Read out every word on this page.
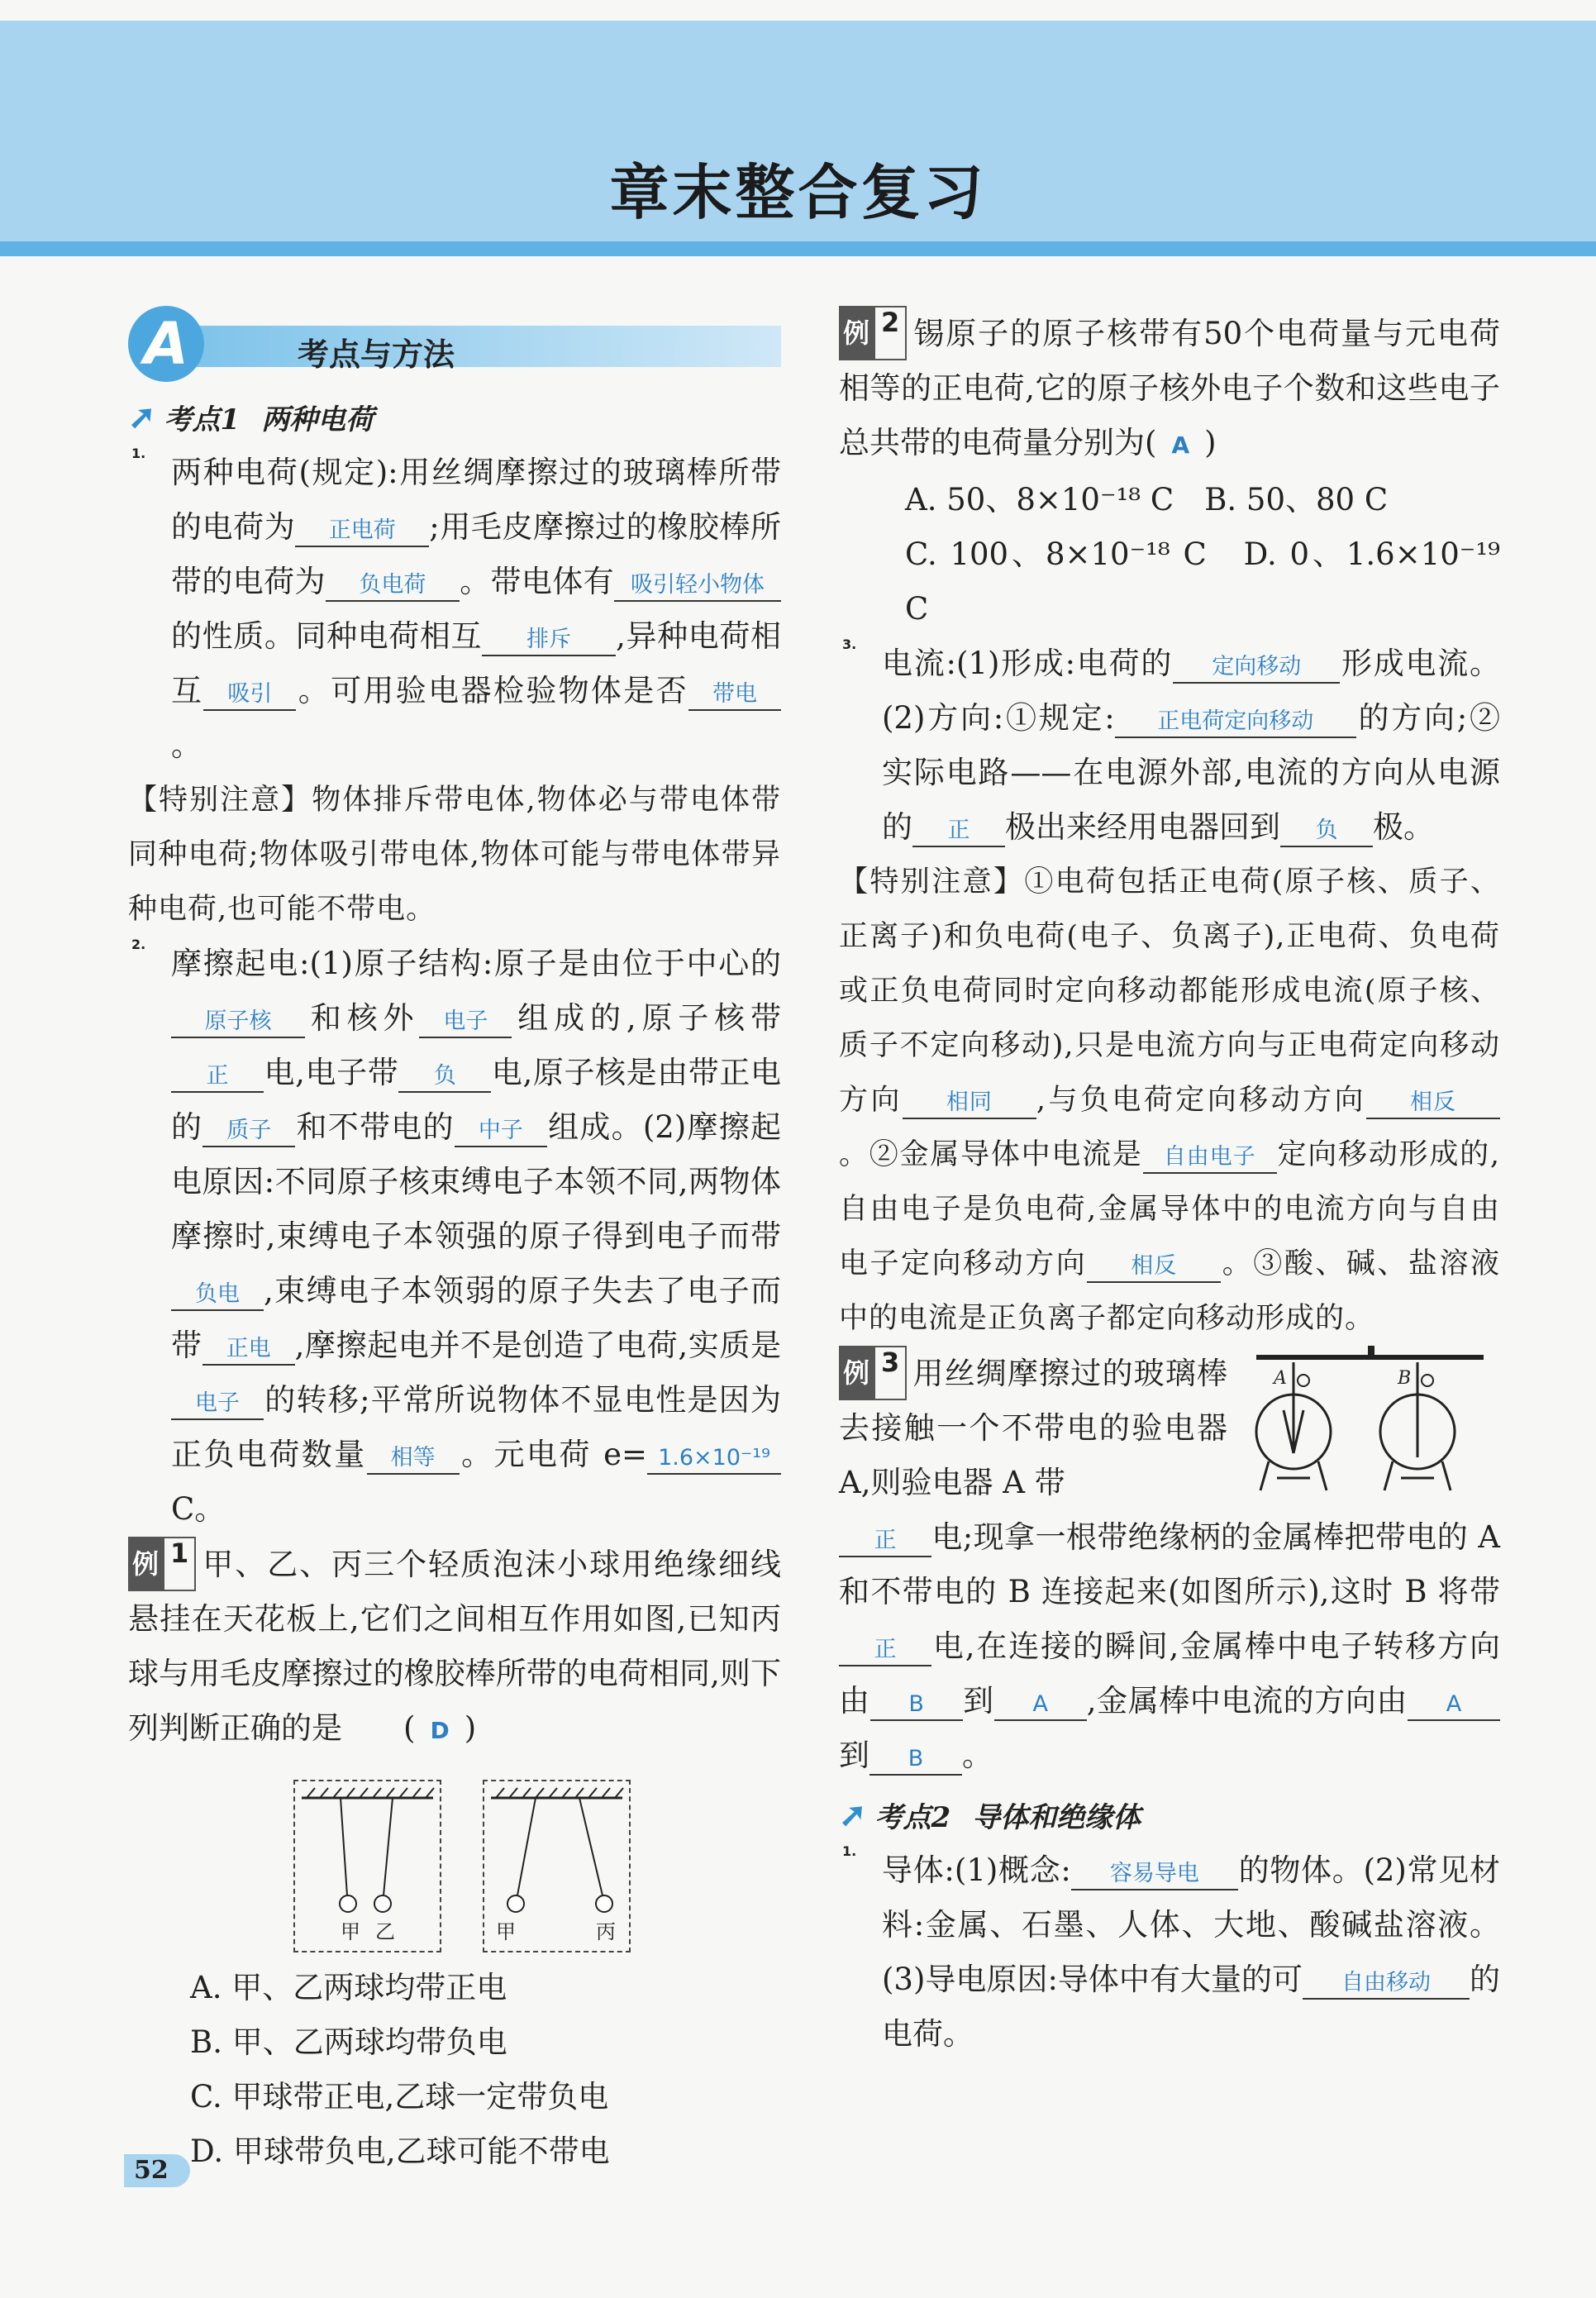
章末整合复习
A	考点与方法
➚ 考点1 两种电荷
1.

两种电荷(规定):用丝绸摩擦过的玻璃棒所带的电荷为 正电荷 ;用毛皮摩擦过的橡胶棒所带的电荷为 负电荷 。带电体有 吸引轻小物体的性质。同种电荷相互 排斥 ,异种电荷相互 吸引 。可用验电器检验物体是否 带电。

【特别注意】物体排斥带电体,物体必与带电体带同种电荷;物体吸引带电体,物体可能与带电体带异种电荷,也可能不带电。

2.

摩擦起电:(1)原子结构:原子是由位于中心的原子核 和核外 电子 组成的,原子核带正 电,电子带 负 电,原子核是由带正电的 质子 和不带电的 中子 组成。(2)摩擦起电原因:不同原子核束缚电子本领不同,两物体摩擦时,束缚电子本领强的原子得到电子而带负电 ,束缚电子本领弱的原子失去了电子而带 正电 ,摩擦起电并不是创造了电荷,实质是电子 的转移;平常所说物体不显电性是因为正负电荷数量 相等 。元电荷 e= 1.6×10⁻¹⁹C。

例 1 甲、乙、丙三个轻质泡沫小球用绝缘细线悬挂在天花板上,它们之间相互作用如图,已知丙球与用毛皮摩擦过的橡胶棒所带的电荷相同,则下列判断正确的是　　( D )

甲 乙	甲	丙

A. 甲、乙两球均带正电

B. 甲、乙两球均带负电

C. 甲球带正电,乙球一定带负电

D. 甲球带负电,乙球可能不带电

例 2 锡原子的原子核带有50个电荷量与元电荷相等的正电荷,它的原子核外电子个数和这些电子总共带的电荷量分别为( A )

A. 50、8×10⁻¹⁸ C　 B. 50、80 C

C. 100、8×10⁻¹⁸ C　 D. 0、1.6×10⁻¹⁹ C

3.

电流:(1)形成:电荷的 定向移动 形成电流。(2)方向:①规定: 正电荷定向移动 的方向;②实际电路——在电源外部,电流的方向从电源的 正 极出来经用电器回到 负 极。

【特别注意】①电荷包括正电荷(原子核、质子、正离子)和负电荷(电子、负离子),正电荷、负电荷或正负电荷同时定向移动都能形成电流(原子核、质子不定向移动),只是电流方向与正电荷定向移动方向 相同 ,与负电荷定向移动方向 相反。②金属导体中电流是 自由电子 定向移动形成的,自由电子是负电荷,金属导体中的电流方向与自由电子定向移动方向 相反 。③酸、碱、盐溶液中的电流是正负离子都定向移动形成的。

A	B

例 3 用丝绸摩擦过的玻璃棒去接触一个不带电的验电器 A,则验电器 A 带

正 电;现拿一根带绝缘柄的金属棒把带电的 A 和不带电的 B 连接起来(如图所示),这时 B 将带正 电,在连接的瞬间,金属棒中电子转移方向由 B 到 A ,金属棒中电流的方向由 A到 B 。

➚ 考点2 导体和绝缘体
1.

导体:(1)概念: 容易导电 的物体。(2)常见材料:金属、石墨、人体、大地、酸碱盐溶液。(3)导电原因:导体中有大量的可 自由移动 的电荷。

52
